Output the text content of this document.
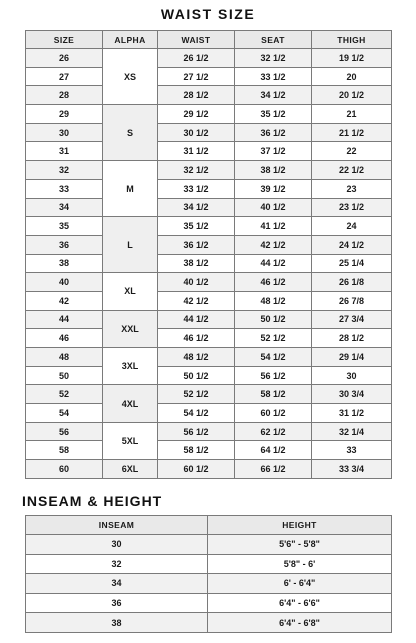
WAIST SIZE
SIZE	ALPHA	WAIST	SEAT	THIGH
26	XS	26 1/2	32 1/2	19 1/2
27		27 1/2	33 1/2	20
28		28 1/2	34 1/2	20 1/2
29	S	29 1/2	35 1/2	21
30		30 1/2	36 1/2	21 1/2
31		31 1/2	37 1/2	22
32	M	32 1/2	38 1/2	22 1/2
33		33 1/2	39 1/2	23
34		34 1/2	40 1/2	23 1/2
35	L	35 1/2	41 1/2	24
36		36 1/2	42 1/2	24 1/2
38		38 1/2	44 1/2	25 1/4
40	XL	40 1/2	46 1/2	26 1/8
42		42 1/2	48 1/2	26 7/8
44	XXL	44 1/2	50 1/2	27 3/4
46		46 1/2	52 1/2	28 1/2
48	3XL	48 1/2	54 1/2	29 1/4
50		50 1/2	56 1/2	30
52	4XL	52 1/2	58 1/2	30 3/4
54		54 1/2	60 1/2	31 1/2
56	5XL	56 1/2	62 1/2	32 1/4
58		58 1/2	64 1/2	33
60	6XL	60 1/2	66 1/2	33 3/4
INSEAM & HEIGHT
INSEAM	HEIGHT
30	5'6" - 5'8"
32	5'8" - 6'
34	6' - 6'4"
36	6'4" - 6'6"
38	6'4" - 6'8"
